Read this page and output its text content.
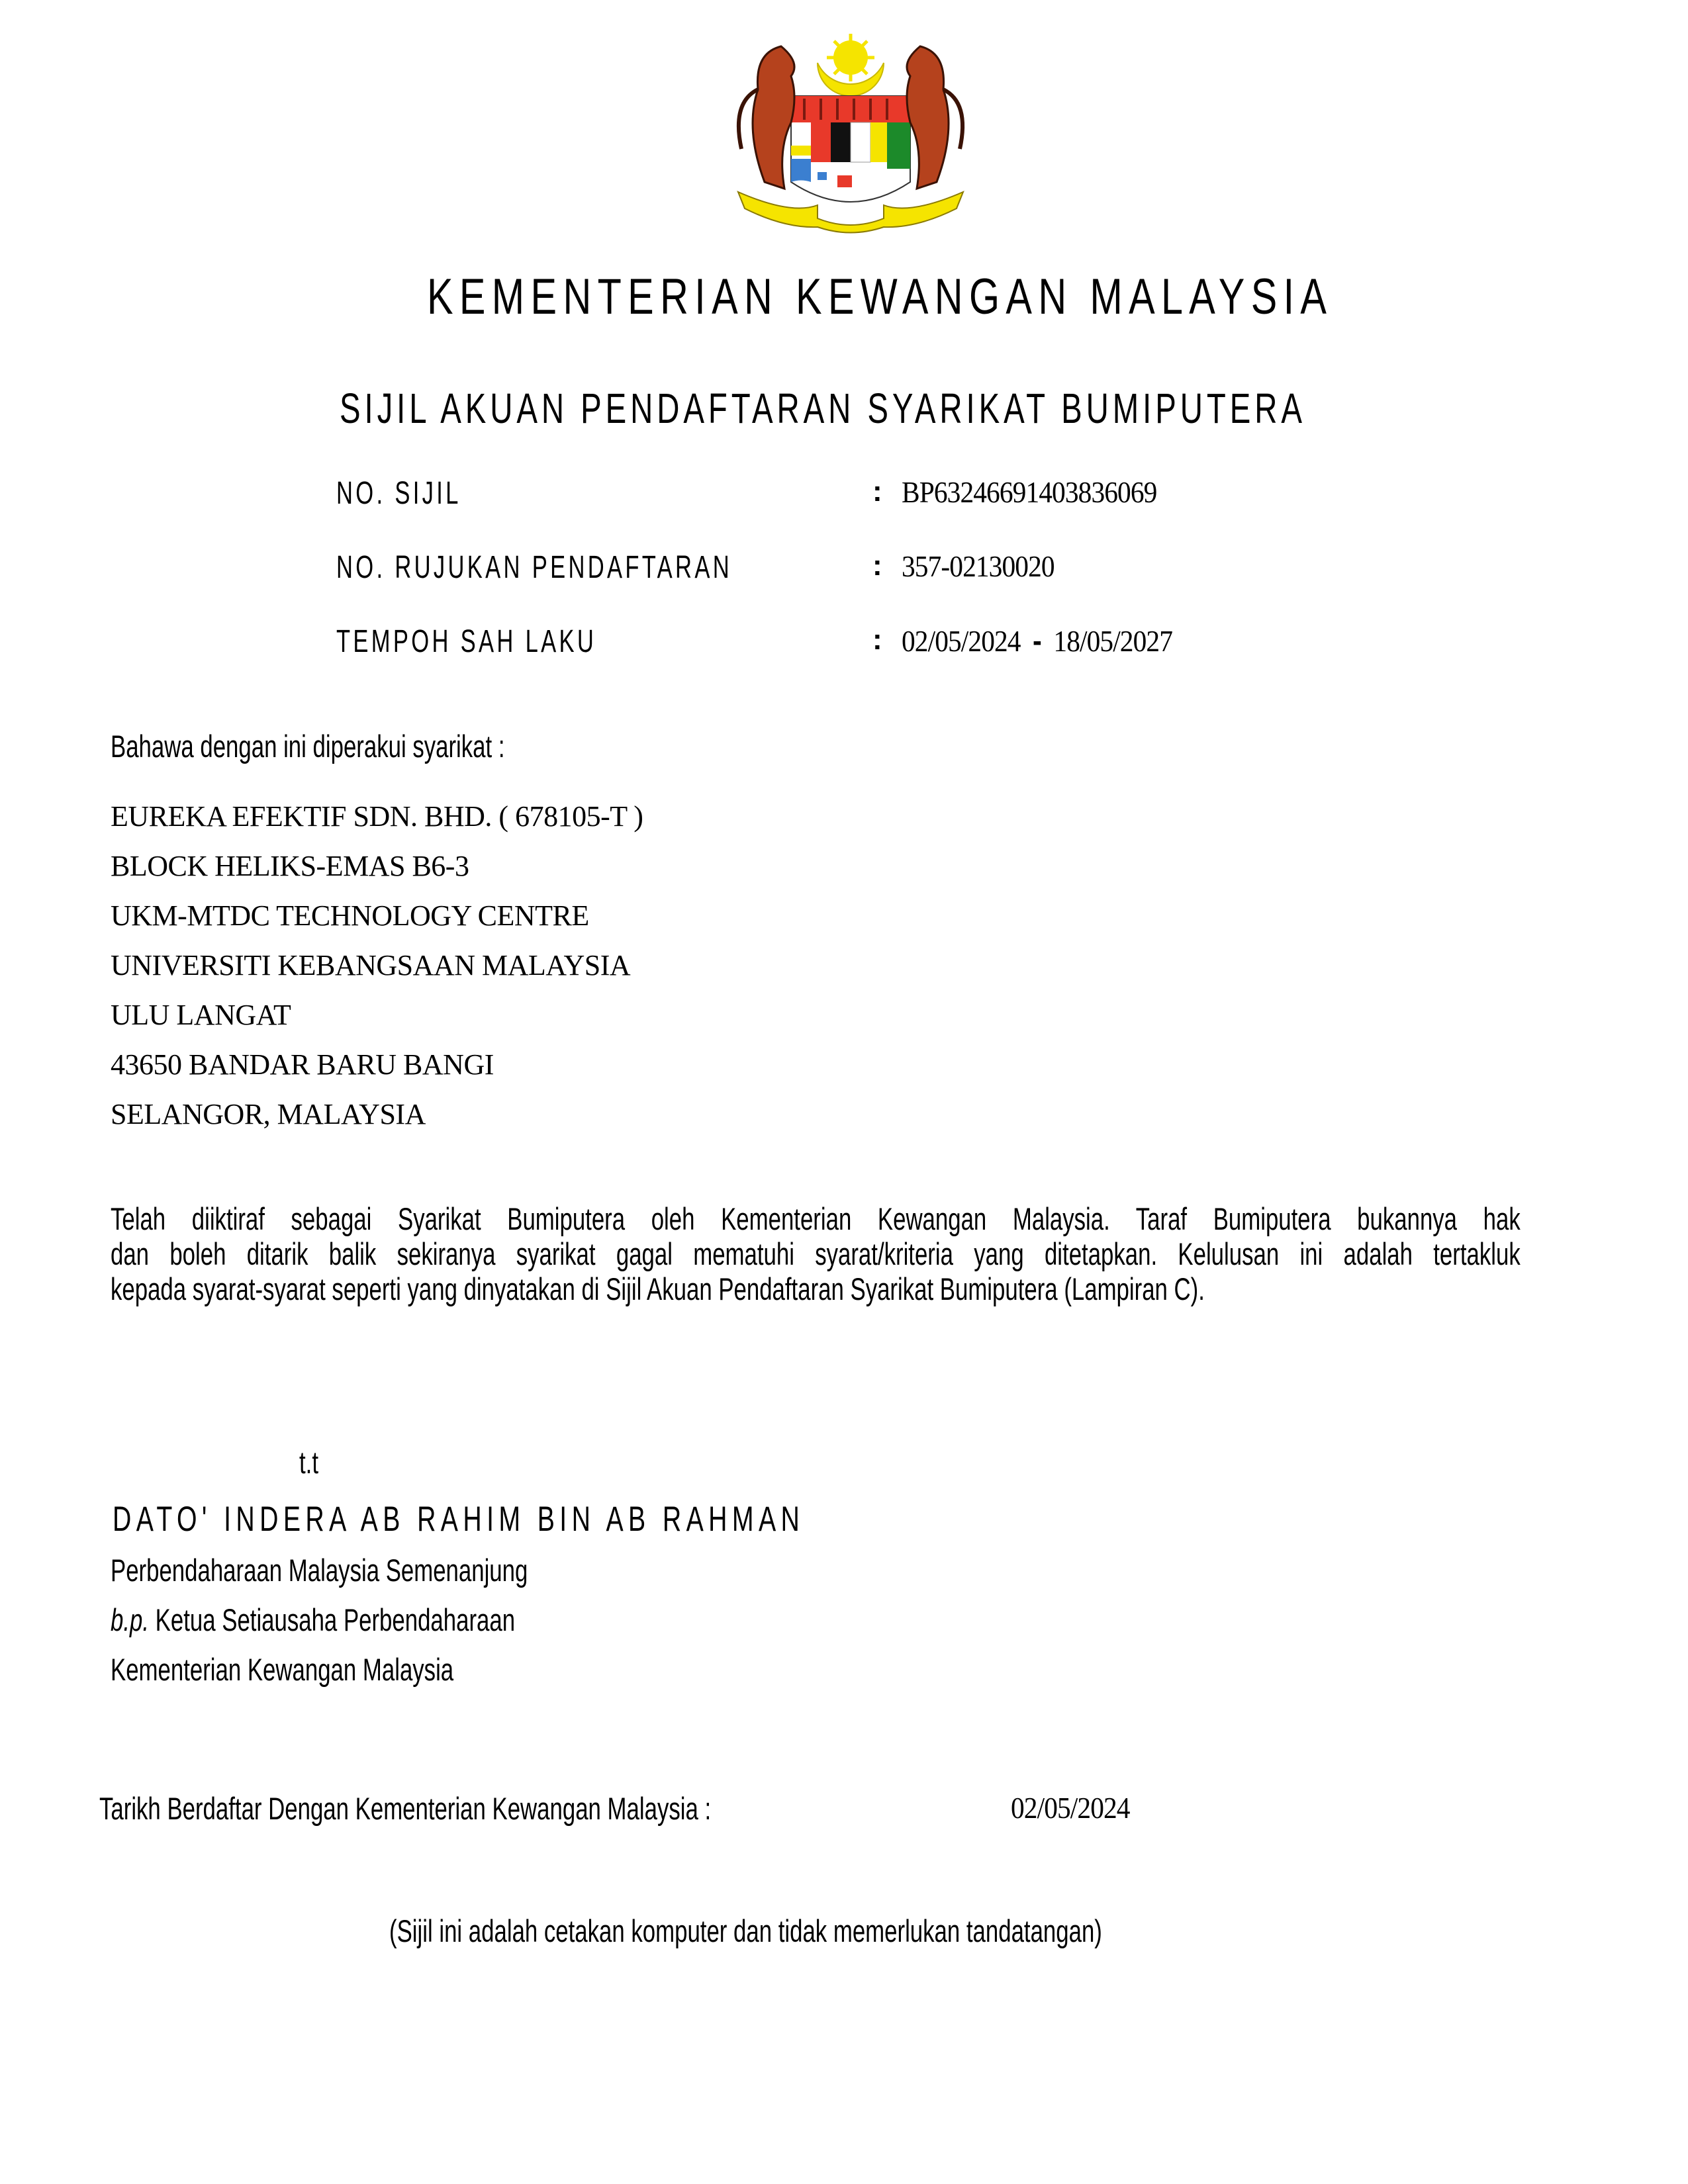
KEMENTERIAN KEWANGAN MALAYSIA
SIJIL AKUAN PENDAFTARAN SYARIKAT BUMIPUTERA
NO. SIJIL	: BP63246691403836069
NO. RUJUKAN PENDAFTARAN	: 357-02130020
TEMPOH SAH LAKU	: 02/05/2024 - 18/05/2027
Bahawa dengan ini diperakui syarikat :
EUREKA EFEKTIF SDN. BHD. ( 678105-T )
BLOCK HELIKS-EMAS B6-3
UKM-MTDC TECHNOLOGY CENTRE
UNIVERSITI KEBANGSAAN MALAYSIA
ULU LANGAT
43650 BANDAR BARU BANGI
SELANGOR, MALAYSIA
Telah diiktiraf sebagai Syarikat Bumiputera oleh Kementerian Kewangan Malaysia. Taraf Bumiputera bukannya hak
dan boleh ditarik balik sekiranya syarikat gagal mematuhi syarat/kriteria yang ditetapkan. Kelulusan ini adalah tertakluk
kepada syarat-syarat seperti yang dinyatakan di Sijil Akuan Pendaftaran Syarikat Bumiputera (Lampiran C).
t.t
DATO' INDERA AB RAHIM BIN AB RAHMAN
Perbendaharaan Malaysia Semenanjung
b.p. Ketua Setiausaha Perbendaharaan
Kementerian Kewangan Malaysia
Tarikh Berdaftar Dengan Kementerian Kewangan Malaysia :	02/05/2024
(Sijil ini adalah cetakan komputer dan tidak memerlukan tandatangan)
